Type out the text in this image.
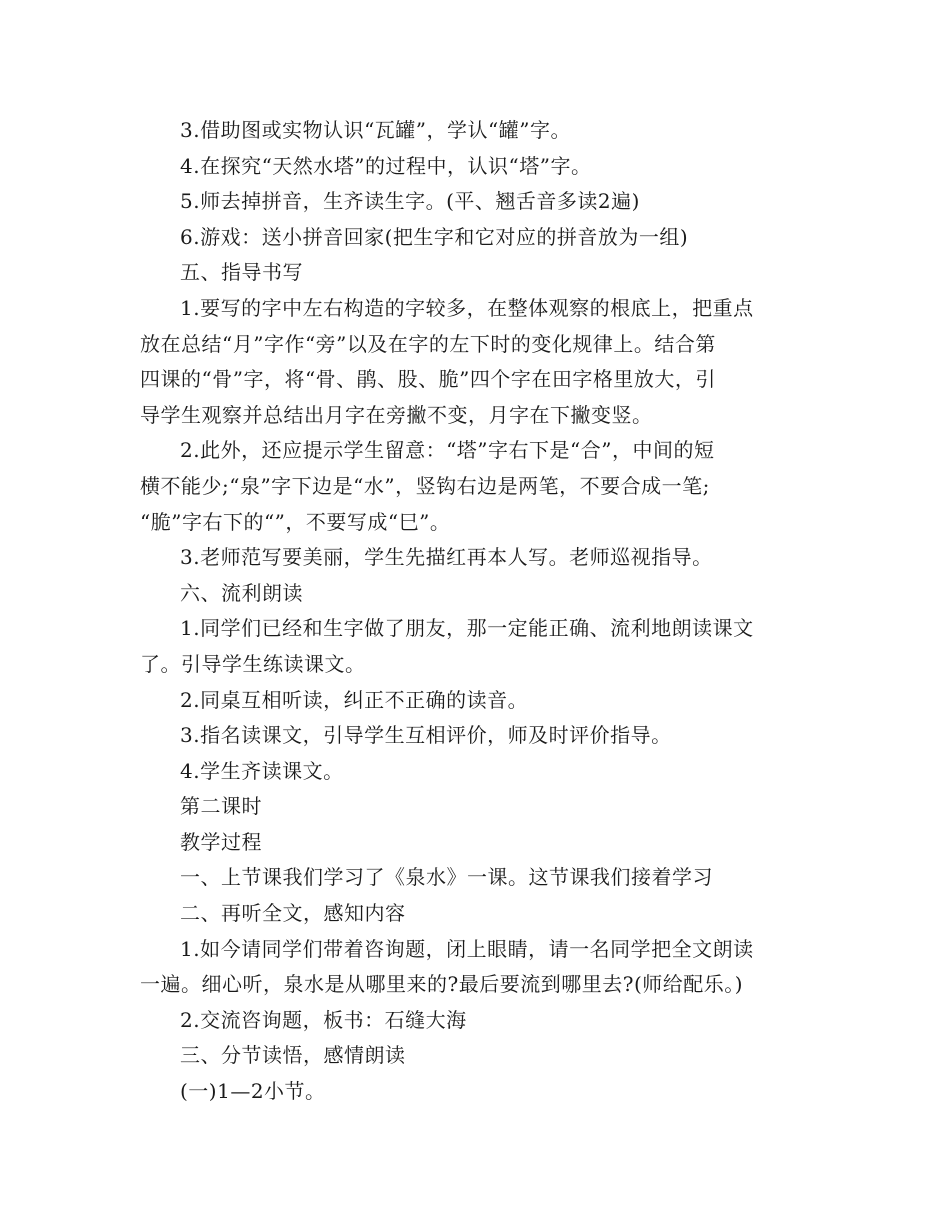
3.借助图或实物认识“瓦罐”，学认“罐”字。
4.在探究“天然水塔”的过程中，认识“塔”字。
5.师去掉拼音，生齐读生字。(平、翘舌音多读2遍)
6.游戏：送小拼音回家(把生字和它对应的拼音放为一组)
五、指导书写
1.要写的字中左右构造的字较多，在整体观察的根底上，把重点
放在总结“月”字作“旁”以及在字的左下时的变化规律上。结合第
四课的“骨”字，将“骨、鹃、股、脆”四个字在田字格里放大，引
导学生观察并总结出月字在旁撇不变，月字在下撇变竖。
2.此外，还应提示学生留意：“塔”字右下是“合”，中间的短
横不能少;“泉”字下边是“水”，竖钩右边是两笔，不要合成一笔;
“脆”字右下的“”，不要写成“巳”。
3.老师范写要美丽，学生先描红再本人写。老师巡视指导。
六、流利朗读
1.同学们已经和生字做了朋友，那一定能正确、流利地朗读课文
了。引导学生练读课文。
2.同桌互相听读，纠正不正确的读音。
3.指名读课文，引导学生互相评价，师及时评价指导。
4.学生齐读课文。
第二课时
教学过程
一、上节课我们学习了《泉水》一课。这节课我们接着学习
二、再听全文，感知内容
1.如今请同学们带着咨询题，闭上眼睛，请一名同学把全文朗读
一遍。细心听，泉水是从哪里来的?最后要流到哪里去?(师给配乐。)
2.交流咨询题，板书：石缝大海
三、分节读悟，感情朗读
(一)1—2小节。
